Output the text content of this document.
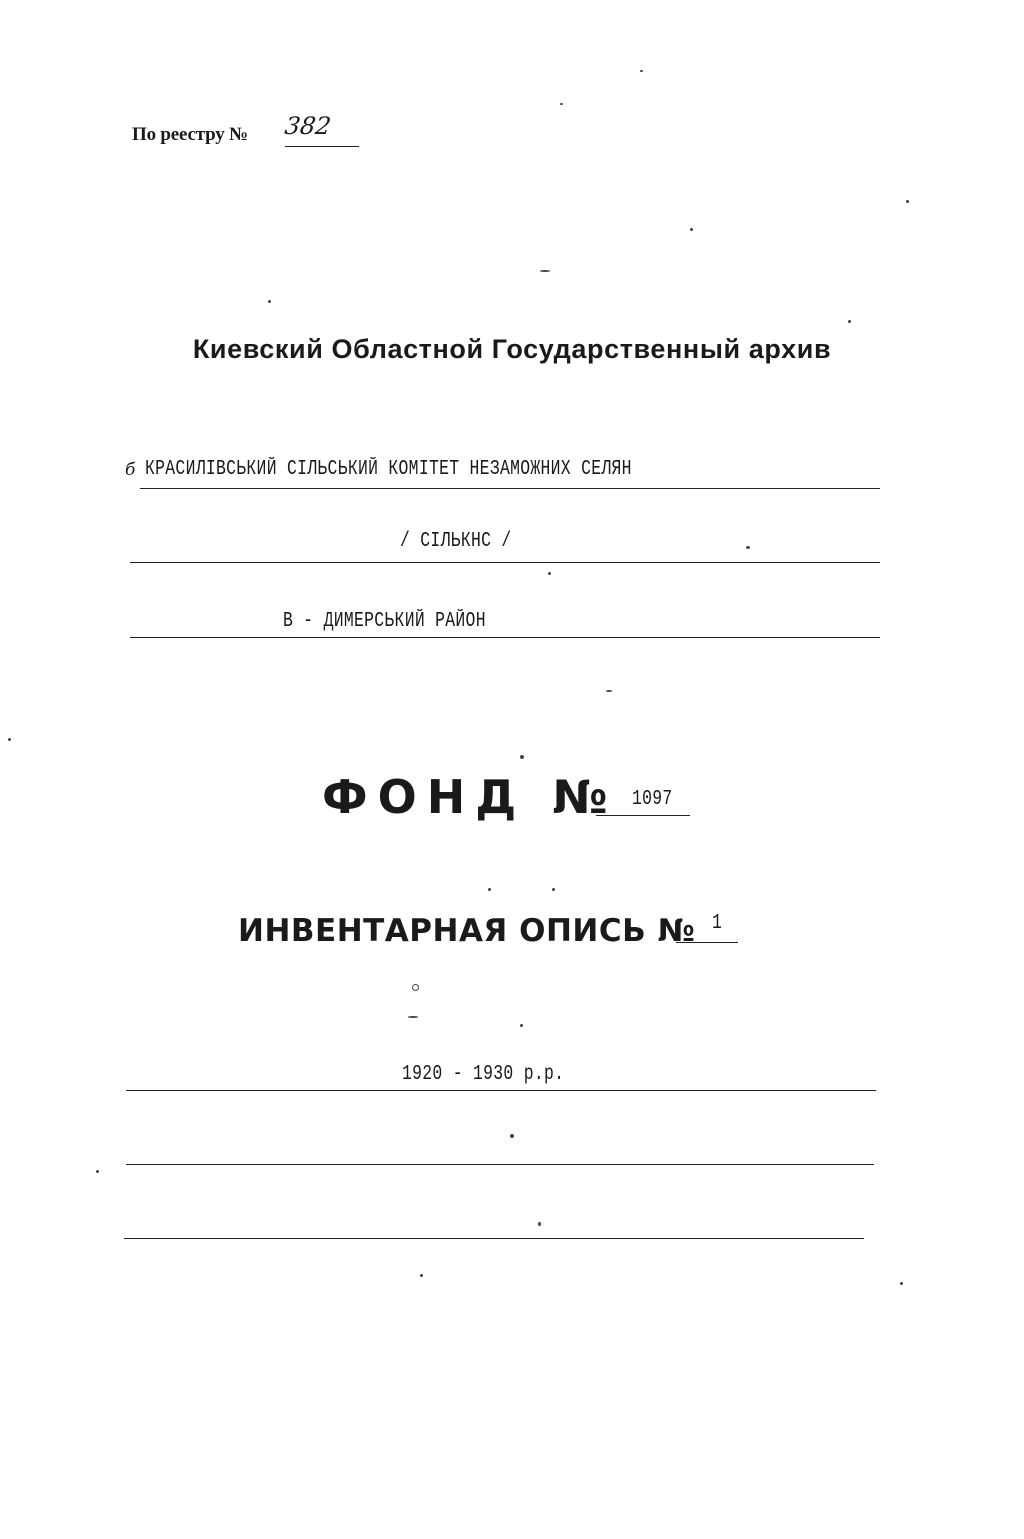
По реестру № 382
Киевский Областной Государственный архив
б КРАСИЛІВСЬКИЙ СІЛЬСЬКИЙ КОМІТЕТ НЕЗАМОЖНИХ СЕЛЯН
/ СІЛЬКНС /
В - ДИМЕРСЬКИЙ РАЙОН
ФОНД № 1097
ИНВЕНТАРНАЯ ОПИСЬ № 1
1920 - 1930 р.р.
